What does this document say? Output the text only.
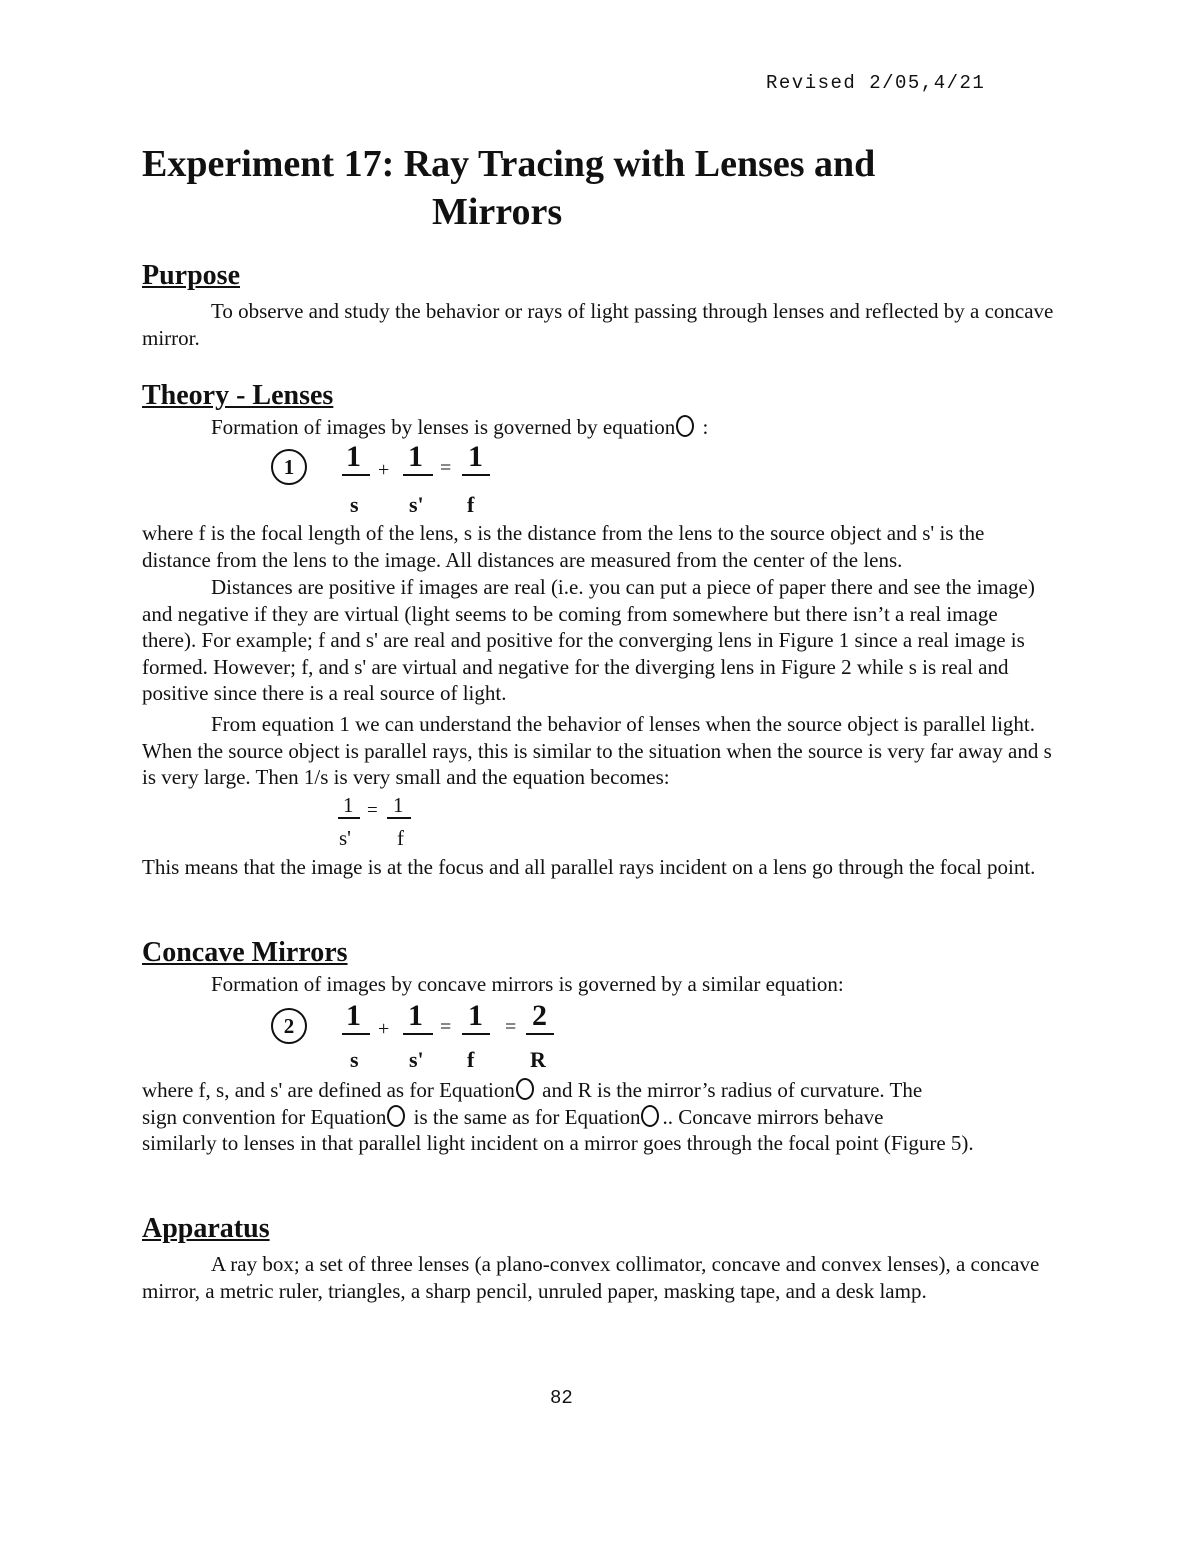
Revised 2/05,4/21
Experiment 17: Ray Tracing with Lenses and
Mirrors
Purpose
To observe and study the behavior or rays of light passing through lenses and reflected by a concave mirror.
Theory - Lenses
Formation of images by lenses is governed by equation :
1	1 + 1 = 1
s s' f
where f is the focal length of the lens, s is the distance from the lens to the source object and s' is the distance from the lens to the image. All distances are measured from the center of the lens.
Distances are positive if images are real (i.e. you can put a piece of paper there and see the image) and negative if they are virtual (light seems to be coming from somewhere but there isn’t a real image there). For example; f and s' are real and positive for the converging lens in Figure 1 since a real image is formed. However; f, and s' are virtual and negative for the diverging lens in Figure 2 while s is real and positive since there is a real source of light.
From equation 1 we can understand the behavior of lenses when the source object is parallel light. When the source object is parallel rays, this is similar to the situation when the source is very far away and s is very large. Then 1/s is very small and the equation becomes:
1 = 1
s' f
This means that the image is at the focus and all parallel rays incident on a lens go through the focal point.
Concave Mirrors
Formation of images by concave mirrors is governed by a similar equation:
2	1 + 1 = 1 = 2
s s' f	R
where f, s, and s' are defined as for Equation and R is the mirror’s radius of curvature. The
sign convention for Equation is the same as for Equation .. Concave mirrors behave
similarly to lenses in that parallel light incident on a mirror goes through the focal point (Figure 5).
Apparatus
A ray box; a set of three lenses (a plano-convex collimator, concave and convex lenses), a concave mirror, a metric ruler, triangles, a sharp pencil, unruled paper, masking tape, and a desk lamp.
82
